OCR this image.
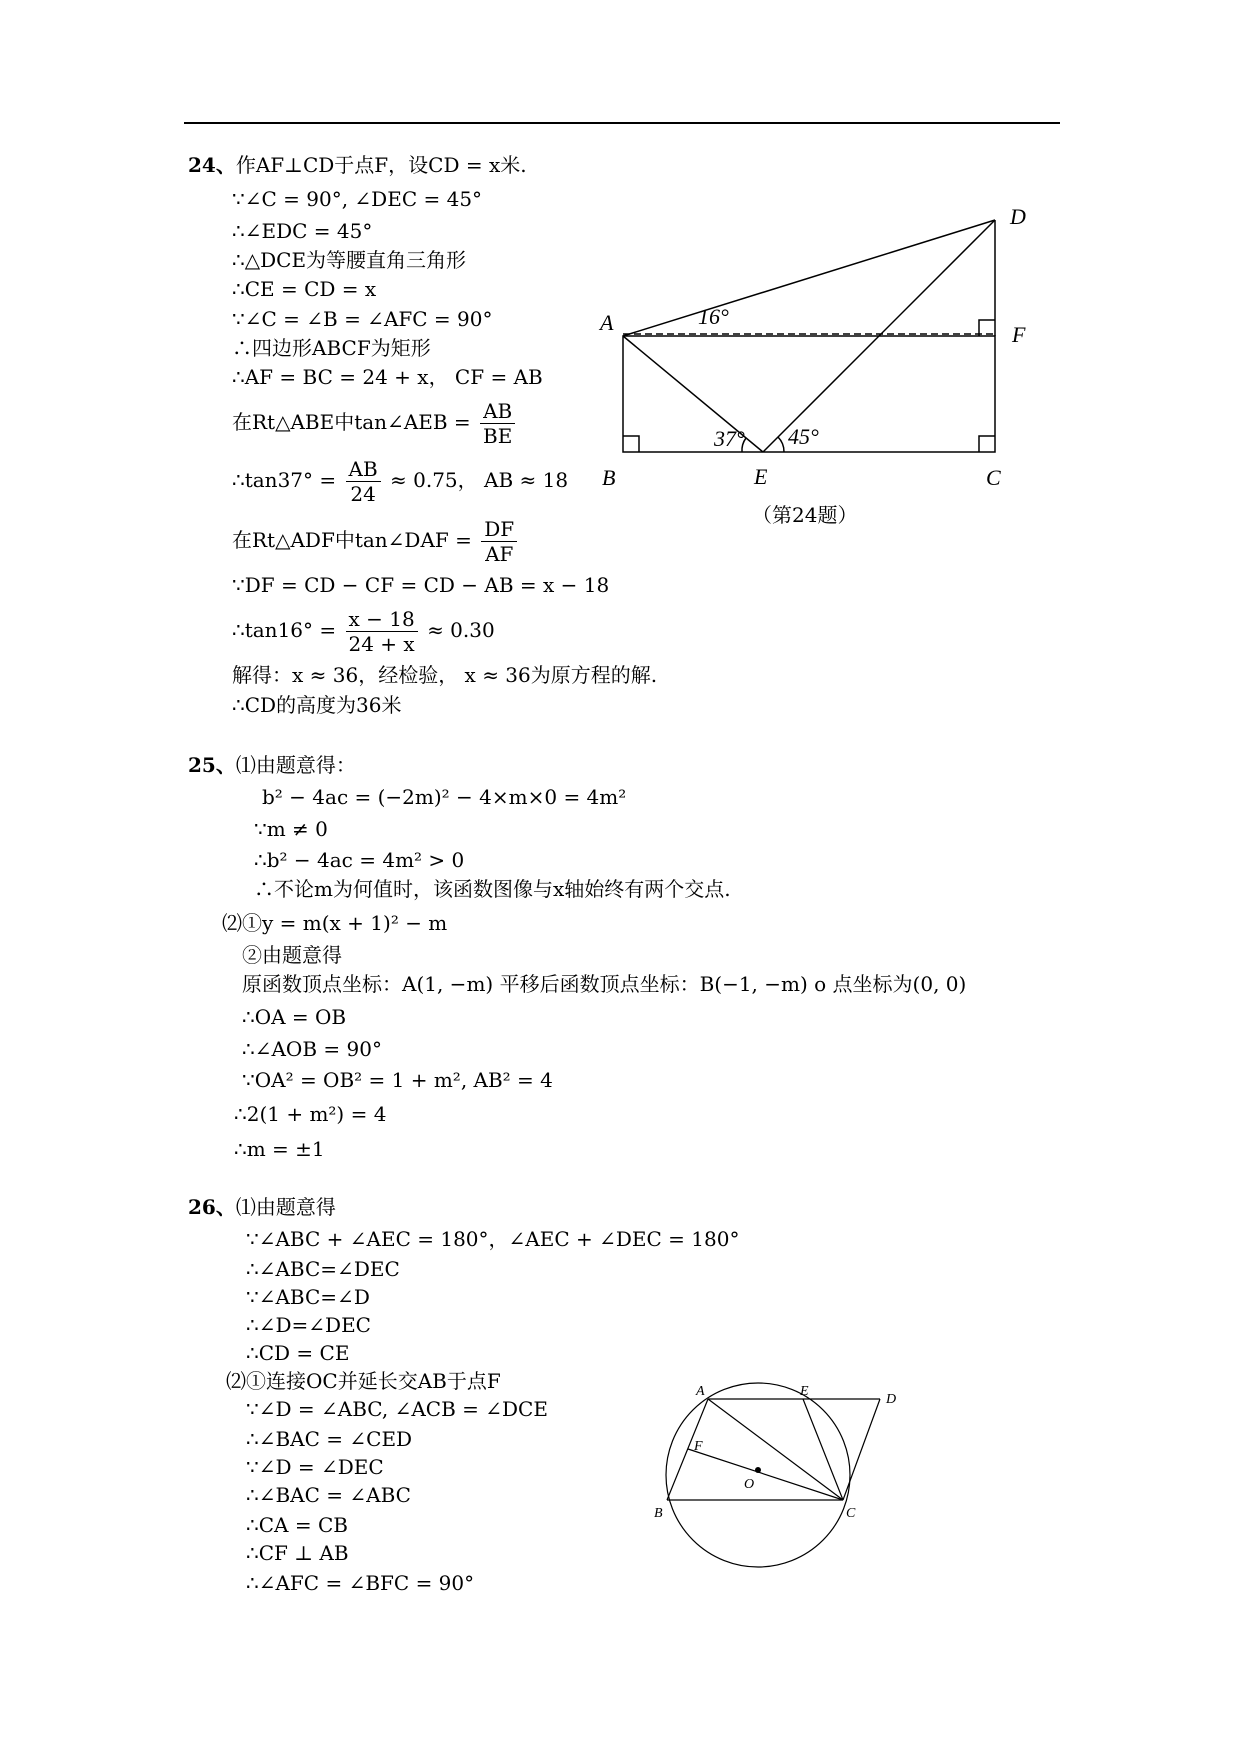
24、作AF⊥CD于点F，设CD = x米.
∵∠C = 90°, ∠DEC = 45°
∴∠EDC = 45°
∴△DCE为等腰直角三角形
∴CE = CD = x
∵∠C = ∠B = ∠AFC = 90°
∴四边形ABCF为矩形
∴AF = BC = 24 + x， CF = AB
在Rt△ABE中tan∠AEB = $\frac{AB}{BE}$
∴tan37° = $\frac{AB}{24} \approx 0.75$， AB ≈ 18
在Rt△ADF中tan∠DAF = $\frac{DF}{AF}$
∵DF = CD − CF = CD − AB = x − 18
∴tan16° = $\frac{x - 18}{24 + x} \approx 0.30$
解得：x ≈ 36，经检验， x ≈ 36为原方程的解.
∴CD的高度为36米
A
B	C
D
E
F
16°
37° 45°
（第24题）
25、⑴由题意得：
b² − 4ac = (−2m)² − 4×m×0 = 4m²
∵m ≠ 0
∴b² − 4ac = 4m² > 0
∴不论m为何值时，该函数图像与x轴始终有两个交点.
⑵①y = m(x + 1)² − m
②由题意得
原函数顶点坐标：A(1, −m) 平移后函数顶点坐标：B(−1, −m) o 点坐标为(0, 0)
∴OA = OB
∴∠AOB = 90°
∵OA² = OB² = 1 + m², AB² = 4
∴2(1 + m²) = 4
∴m = ±1
26、⑴由题意得
∵∠ABC + ∠AEC = 180°，∠AEC + ∠DEC = 180°
∴∠ABC=∠DEC
∵∠ABC=∠D
∴∠D=∠DEC
∴CD = CE
⑵①连接OC并延长交AB于点F
∵∠D = ∠ABC, ∠ACB = ∠DCE
∴∠BAC = ∠CED
∵∠D = ∠DEC
∴∠BAC = ∠ABC
∴CA = CB
∴CF ⊥ AB
∴∠AFC = ∠BFC = 90°
A	E
D
F
O
B	C
